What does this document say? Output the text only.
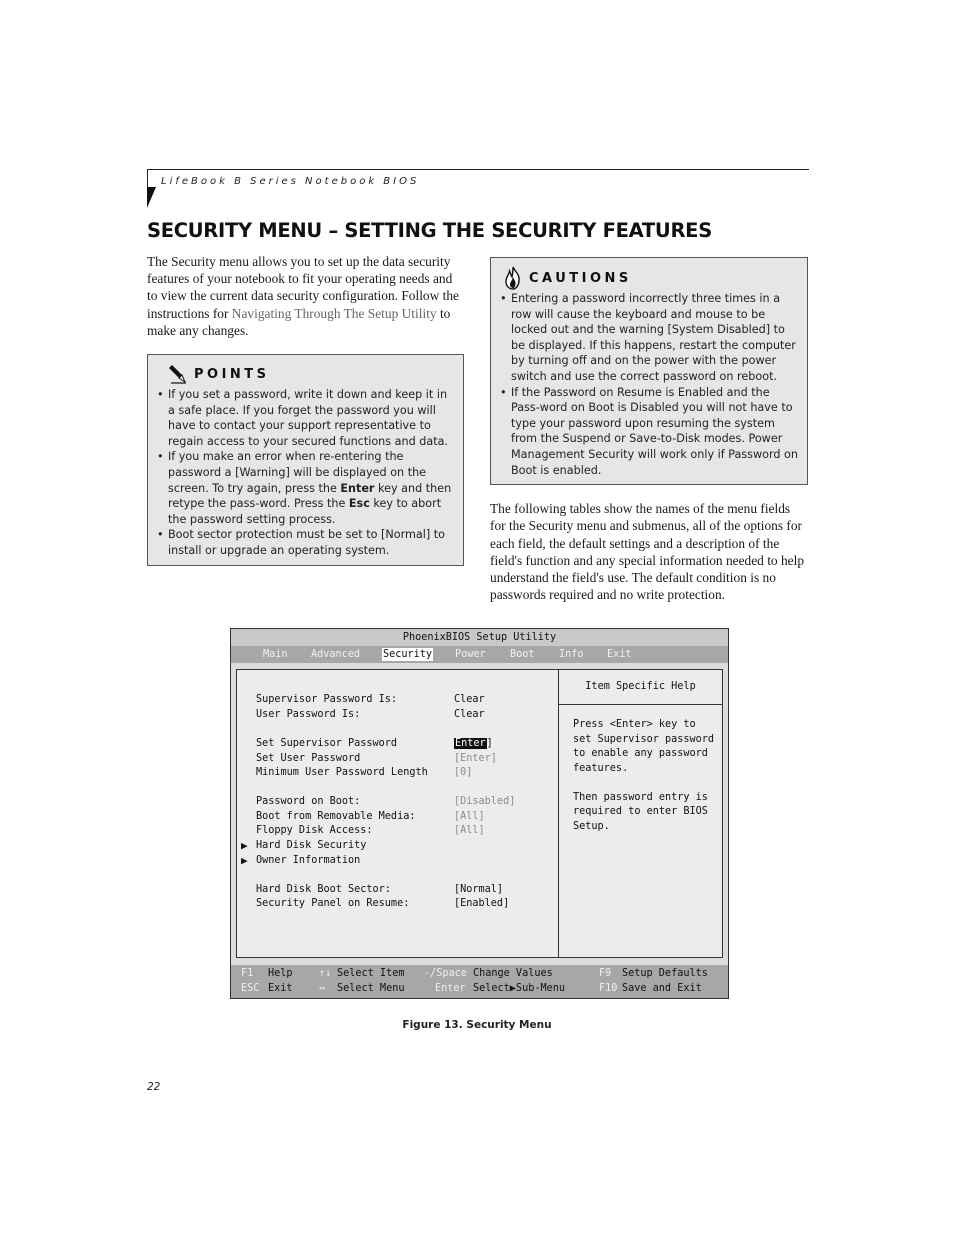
LifeBook B Series Notebook BIOS
SECURITY MENU – SETTING THE SECURITY FEATURES

The Security menu allows you to set up the data security features of your notebook to fit your operating needs and to view the current data security configuration. Follow the instructions for Navigating Through The Setup Utility to make any changes.

POINTS
• If you set a password, write it down and keep it in a safe place. If you forget the password you will have to contact your support representative to regain access to your secured functions and data.
• If you make an error when re-entering the password a [Warning] will be displayed on the screen. To try again, press the Enter key and then retype the pass-word. Press the Esc key to abort the password setting process.
• Boot sector protection must be set to [Normal] to install or upgrade an operating system.
CAUTIONS
• Entering a password incorrectly three times in a row will cause the keyboard and mouse to be locked out and the warning [System Disabled] to be displayed. If this happens, restart the computer by turning off and on the power with the power switch and use the correct password on reboot.
• If the Password on Resume is Enabled and the Pass-word on Boot is Disabled you will not have to type your password upon resuming the system from the Suspend or Save-to-Disk modes. Power Management Security will work only if Password on Boot is enabled.

The following tables show the names of the menu fields for the Security menu and submenus, all of the options for each field, the default settings and a description of the field's function and any special information needed to help understand the field's use. The default condition is no passwords required and no write protection.

PhoenixBIOS Setup Utility
Main Advanced Security Power Boot Info Exit
Supervisor Password Is:	Clear
User Password Is:	Clear
Set Supervisor Password	Enter]
Set User Password	[Enter]
Minimum User Password Length	[0]
Password on Boot:	[Disabled]
Boot from Removable Media:	[All]
Floppy Disk Access:	[All]
▶ Hard Disk Security
▶ Owner Information
Hard Disk Boot Sector:	[Normal]
Security Panel on Resume:	[Enabled]
Item Specific Help
Press <Enter> key to
set Supervisor password
to enable any password
features.

Then password entry is
required to enter BIOS
Setup.
F1 Help	↑↓ Select Item -/Space Change Values	F9 Setup Defaults
ESC Exit	↔ Select Menu	Enter Select▶Sub-Menu	F10 Save and Exit
Figure 13. Security Menu
22
